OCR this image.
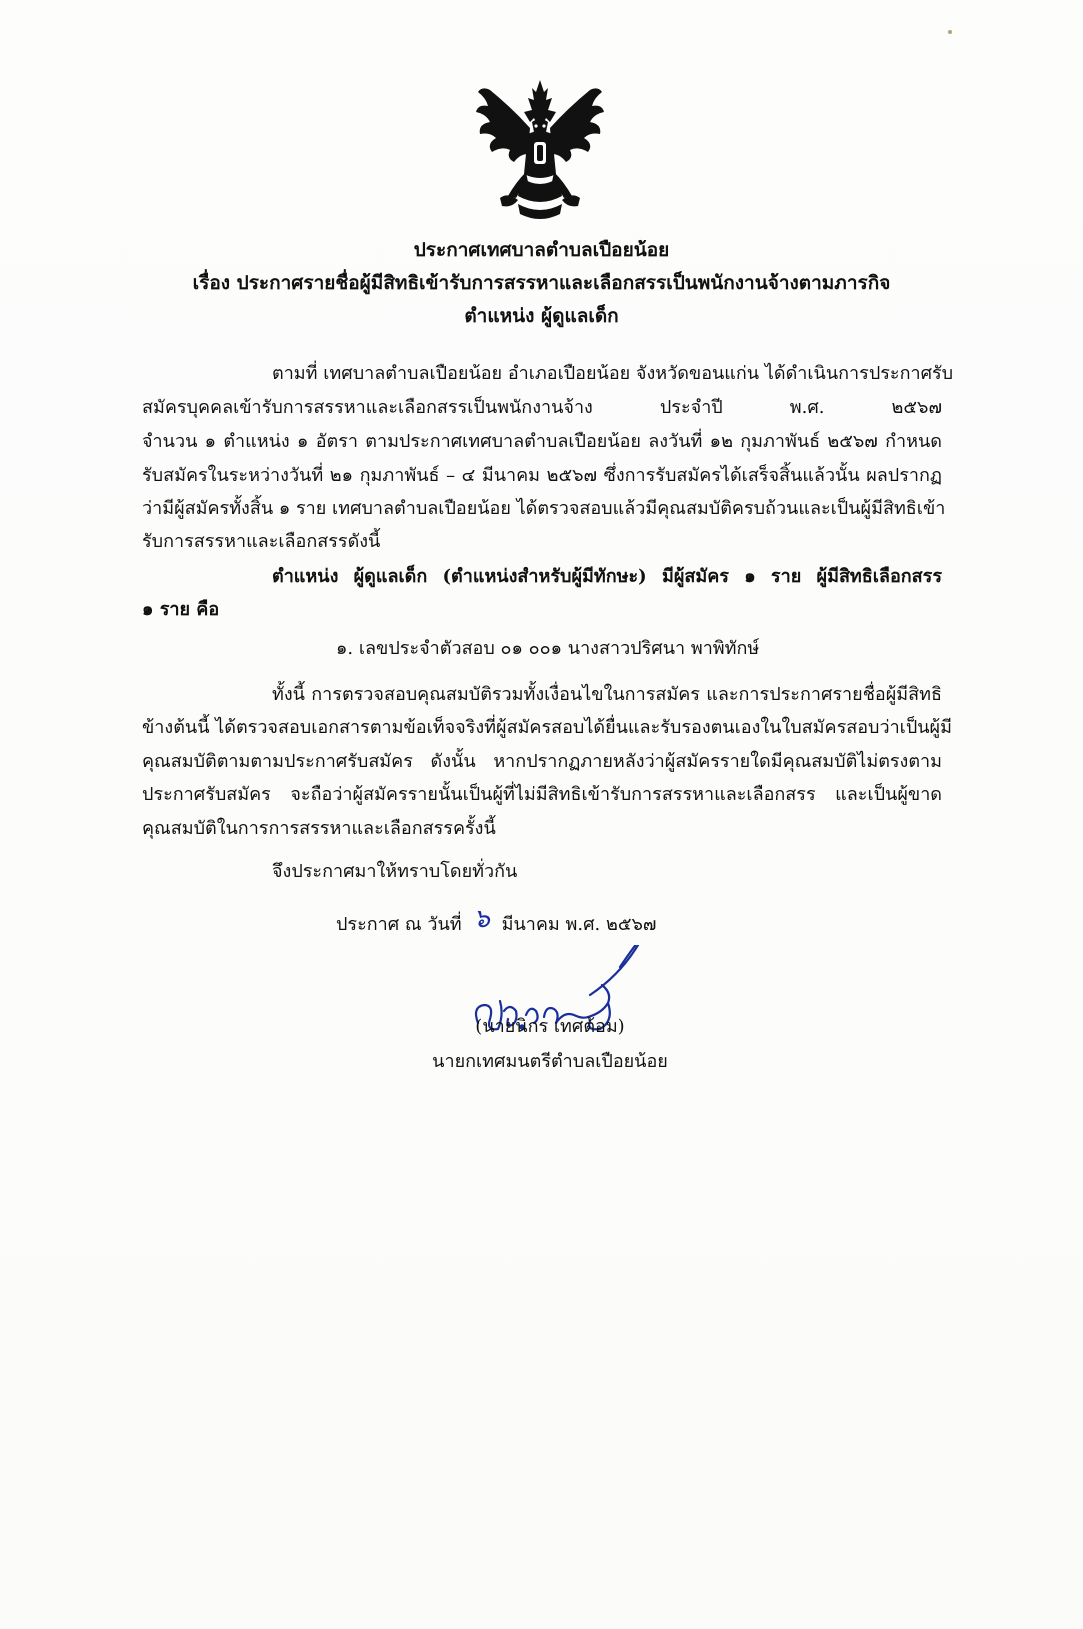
ประกาศเทศบาลตำบลเปือยน้อย
เรื่อง ประกาศรายชื่อผู้มีสิทธิเข้ารับการสรรหาและเลือกสรรเป็นพนักงานจ้างตามภารกิจ
ตำแหน่ง ผู้ดูแลเด็ก
ตามที่ เทศบาลตำบลเปือยน้อย อำเภอเปือยน้อย จังหวัดขอนแก่น ได้ดำเนินการประกาศรับ
สมัครบุคคลเข้ารับการสรรหาและเลือกสรรเป็นพนักงานจ้าง ประจำปี พ.ศ. ๒๕๖๗
จำนวน ๑ ตำแหน่ง ๑ อัตรา ตามประกาศเทศบาลตำบลเปือยน้อย ลงวันที่ ๑๒ กุมภาพันธ์ ๒๕๖๗ กำหนด
รับสมัครในระหว่างวันที่ ๒๑ กุมภาพันธ์ – ๔ มีนาคม ๒๕๖๗ ซึ่งการรับสมัครได้เสร็จสิ้นแล้วนั้น ผลปรากฏ
ว่ามีผู้สมัครทั้งสิ้น ๑ ราย เทศบาลตำบลเปือยน้อย ได้ตรวจสอบแล้วมีคุณสมบัติครบถ้วนและเป็นผู้มีสิทธิเข้า
รับการสรรหาและเลือกสรรดังนี้
ตำแหน่ง ผู้ดูแลเด็ก (ตำแหน่งสำหรับผู้มีทักษะ) มีผู้สมัคร ๑ ราย ผู้มีสิทธิเลือกสรร
๑ ราย คือ
๑. เลขประจำตัวสอบ ๐๑ ๐๐๑ นางสาวปริศนา พาพิทักษ์
ทั้งนี้ การตรวจสอบคุณสมบัติรวมทั้งเงื่อนไขในการสมัคร และการประกาศรายชื่อผู้มีสิทธิ
ข้างต้นนี้ ได้ตรวจสอบเอกสารตามข้อเท็จจริงที่ผู้สมัครสอบได้ยื่นและรับรองตนเองในใบสมัครสอบว่าเป็นผู้มี
คุณสมบัติตามตามประกาศรับสมัคร ดังนั้น หากปรากฏภายหลังว่าผู้สมัครรายใดมีคุณสมบัติไม่ตรงตาม
ประกาศรับสมัคร จะถือว่าผู้สมัครรายนั้นเป็นผู้ที่ไม่มีสิทธิเข้ารับการสรรหาและเลือกสรร และเป็นผู้ขาด
คุณสมบัติในการการสรรหาและเลือกสรรครั้งนี้
จึงประกาศมาให้ทราบโดยทั่วกัน
ประกาศ ณ วันที่ ๖ มีนาคม พ.ศ. ๒๕๖๗
(นายนิกร เทศต้อม)
นายกเทศมนตรีตำบลเปือยน้อย
